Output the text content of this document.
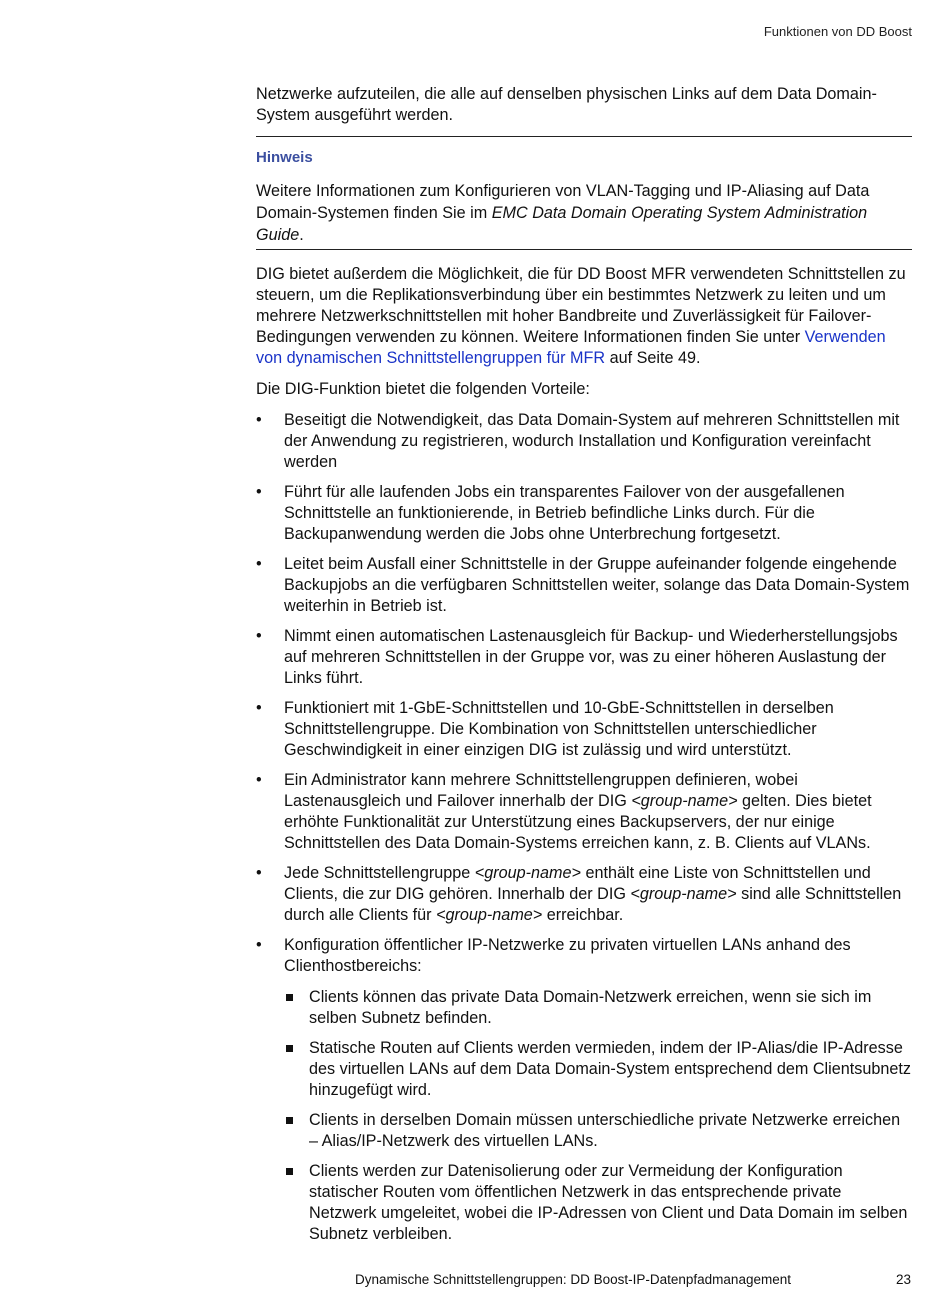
Funktionen von DD Boost

Netzwerke aufzuteilen, die alle auf denselben physischen Links auf dem Data Domain-System ausgeführt werden.

Hinweis

Weitere Informationen zum Konfigurieren von VLAN-Tagging und IP-Aliasing auf Data Domain-Systemen finden Sie im EMC Data Domain Operating System Administration Guide.

DIG bietet außerdem die Möglichkeit, die für DD Boost MFR verwendeten Schnittstellen zu steuern, um die Replikationsverbindung über ein bestimmtes Netzwerk zu leiten und um mehrere Netzwerkschnittstellen mit hoher Bandbreite und Zuverlässigkeit für Failover-Bedingungen verwenden zu können. Weitere Informationen finden Sie unter Verwenden von dynamischen Schnittstellengruppen für MFR auf Seite 49.

Die DIG-Funktion bietet die folgenden Vorteile:

•	Beseitigt die Notwendigkeit, das Data Domain-System auf mehreren Schnittstellen mit der Anwendung zu registrieren, wodurch Installation und Konfiguration vereinfacht werden
•	Führt für alle laufenden Jobs ein transparentes Failover von der ausgefallenen Schnittstelle an funktionierende, in Betrieb befindliche Links durch. Für die Backupanwendung werden die Jobs ohne Unterbrechung fortgesetzt.
•	Leitet beim Ausfall einer Schnittstelle in der Gruppe aufeinander folgende eingehende Backupjobs an die verfügbaren Schnittstellen weiter, solange das Data Domain-System weiterhin in Betrieb ist.
•	Nimmt einen automatischen Lastenausgleich für Backup- und Wiederherstellungsjobs auf mehreren Schnittstellen in der Gruppe vor, was zu einer höheren Auslastung der Links führt.
•	Funktioniert mit 1-GbE-Schnittstellen und 10-GbE-Schnittstellen in derselben Schnittstellengruppe. Die Kombination von Schnittstellen unterschiedlicher Geschwindigkeit in einer einzigen DIG ist zulässig und wird unterstützt.
•	Ein Administrator kann mehrere Schnittstellengruppen definieren, wobei Lastenausgleich und Failover innerhalb der DIG <group-name> gelten. Dies bietet erhöhte Funktionalität zur Unterstützung eines Backupservers, der nur einige Schnittstellen des Data Domain-Systems erreichen kann, z. B. Clients auf VLANs.
•	Jede Schnittstellengruppe <group-name> enthält eine Liste von Schnittstellen und Clients, die zur DIG gehören. Innerhalb der DIG <group-name> sind alle Schnittstellen durch alle Clients für <group-name> erreichbar.
•	Konfiguration öffentlicher IP-Netzwerke zu privaten virtuellen LANs anhand des Clienthostbereichs:
Clients können das private Data Domain-Netzwerk erreichen, wenn sie sich im selben Subnetz befinden.
Statische Routen auf Clients werden vermieden, indem der IP-Alias/die IP-Adresse des virtuellen LANs auf dem Data Domain-System entsprechend dem Clientsubnetz hinzugefügt wird.
Clients in derselben Domain müssen unterschiedliche private Netzwerke erreichen – Alias/IP-Netzwerk des virtuellen LANs.
Clients werden zur Datenisolierung oder zur Vermeidung der Konfiguration statischer Routen vom öffentlichen Netzwerk in das entsprechende private Netzwerk umgeleitet, wobei die IP-Adressen von Client und Data Domain im selben Subnetz verbleiben.
Dynamische Schnittstellengruppen: DD Boost-IP-Datenpfadmanagement	23
